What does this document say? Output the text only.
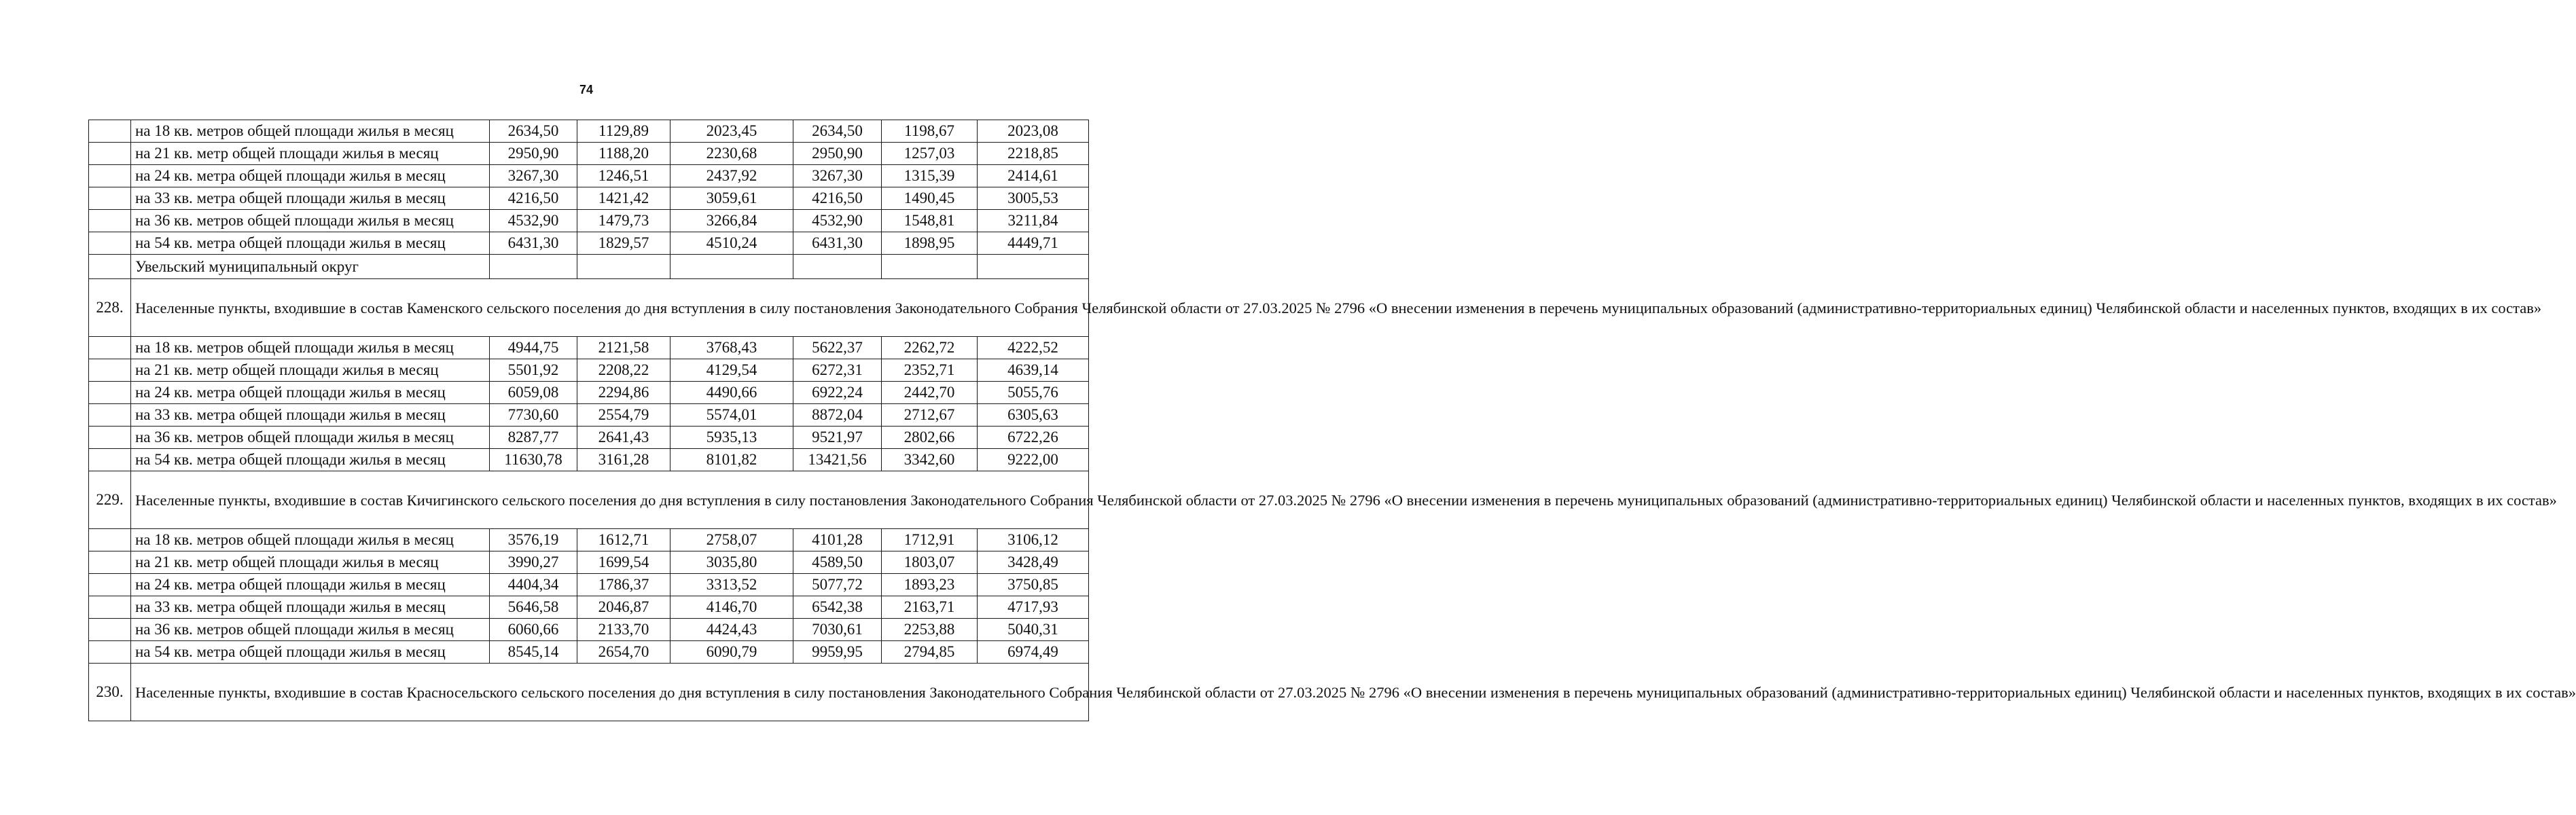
74
	на 18 кв. метров общей площади жилья в месяц	2634,50	1129,89	2023,45	2634,50	1198,67	2023,08
	на 21 кв. метр общей площади жилья в месяц	2950,90	1188,20	2230,68	2950,90	1257,03	2218,85
	на 24 кв. метра общей площади жилья в месяц	3267,30	1246,51	2437,92	3267,30	1315,39	2414,61
	на 33 кв. метра общей площади жилья в месяц	4216,50	1421,42	3059,61	4216,50	1490,45	3005,53
	на 36 кв. метров общей площади жилья в месяц	4532,90	1479,73	3266,84	4532,90	1548,81	3211,84
	на 54 кв. метра общей площади жилья в месяц	6431,30	1829,57	4510,24	6431,30	1898,95	4449,71
	Увельский муниципальный округ						
228.	Населенные пункты, входившие в состав Каменского сельского поселения до дня вступления в силу постановления Законодательного Собрания Челябинской области от 27.03.2025 № 2796 «О внесении изменения в перечень муниципальных образований (административно-территориальных единиц) Челябинской области и населенных пунктов, входящих в их состав»						
	на 18 кв. метров общей площади жилья в месяц	4944,75	2121,58	3768,43	5622,37	2262,72	4222,52
	на 21 кв. метр общей площади жилья в месяц	5501,92	2208,22	4129,54	6272,31	2352,71	4639,14
	на 24 кв. метра общей площади жилья в месяц	6059,08	2294,86	4490,66	6922,24	2442,70	5055,76
	на 33 кв. метра общей площади жилья в месяц	7730,60	2554,79	5574,01	8872,04	2712,67	6305,63
	на 36 кв. метров общей площади жилья в месяц	8287,77	2641,43	5935,13	9521,97	2802,66	6722,26
	на 54 кв. метра общей площади жилья в месяц	11630,78	3161,28	8101,82	13421,56	3342,60	9222,00
229.	Населенные пункты, входившие в состав Кичигинского сельского поселения до дня вступления в силу постановления Законодательного Собрания Челябинской области от 27.03.2025 № 2796 «О внесении изменения в перечень муниципальных образований (административно-территориальных единиц) Челябинской области и населенных пунктов, входящих в их состав»						
	на 18 кв. метров общей площади жилья в месяц	3576,19	1612,71	2758,07	4101,28	1712,91	3106,12
	на 21 кв. метр общей площади жилья в месяц	3990,27	1699,54	3035,80	4589,50	1803,07	3428,49
	на 24 кв. метра общей площади жилья в месяц	4404,34	1786,37	3313,52	5077,72	1893,23	3750,85
	на 33 кв. метра общей площади жилья в месяц	5646,58	2046,87	4146,70	6542,38	2163,71	4717,93
	на 36 кв. метров общей площади жилья в месяц	6060,66	2133,70	4424,43	7030,61	2253,88	5040,31
	на 54 кв. метра общей площади жилья в месяц	8545,14	2654,70	6090,79	9959,95	2794,85	6974,49
230.	Населенные пункты, входившие в состав Красносельского сельского поселения до дня вступления в силу постановления Законодательного Собрания Челябинской области от 27.03.2025 № 2796 «О внесении изменения в перечень муниципальных образований (административно-территориальных единиц) Челябинской области и населенных пунктов, входящих в их состав»						
